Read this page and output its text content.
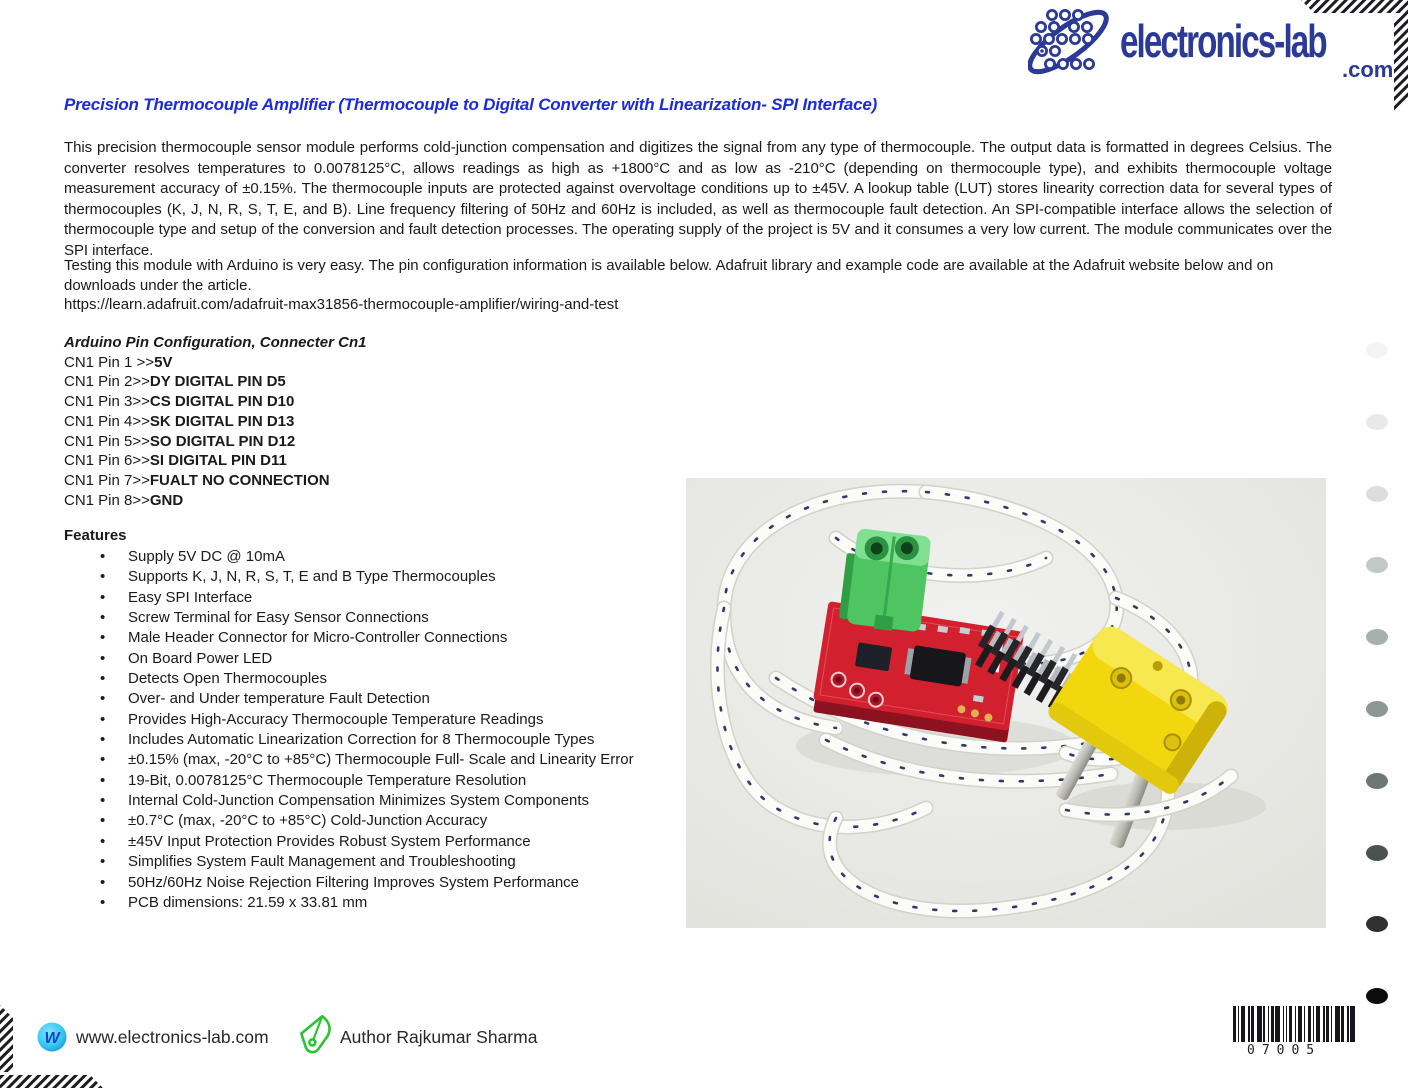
electronics-lab
.com
Precision Thermocouple Amplifier (Thermocouple to Digital Converter with Linearization- SPI Interface)
This precision thermocouple sensor module performs cold-junction compensation and digitizes the signal from any type of thermocouple. The output data is formatted in degrees Celsius. The converter resolves temperatures to 0.0078125°C, allows readings as high as +1800°C and as low as -210°C (depending on thermocouple type), and exhibits thermocouple voltage measurement accuracy of ±0.15%. The thermocouple inputs are protected against overvoltage conditions up to ±45V. A lookup table (LUT) stores linearity correction data for several types of thermocouples (K, J, N, R, S, T, E, and B). Line frequency filtering of 50Hz and 60Hz is included, as well as thermocouple fault detection. An SPI-compatible interface allows the selection of thermocouple type and setup of the conversion and fault detection processes. The operating supply of the project is 5V and it consumes a very low current. The module communicates over the SPI interface.
Testing this module with Arduino is very easy. The pin configuration information is available below. Adafruit library and example code are available at the Adafruit website below and on downloads under the article.
https://learn.adafruit.com/adafruit-max31856-thermocouple-amplifier/wiring-and-test
Arduino Pin Configuration, Connecter Cn1
CN1 Pin 1 >>5V
CN1 Pin 2>>DY DIGITAL PIN D5
CN1 Pin 3>>CS DIGITAL PIN D10
CN1 Pin 4>>SK DIGITAL PIN D13
CN1 Pin 5>>SO DIGITAL PIN D12
CN1 Pin 6>>SI DIGITAL PIN D11
CN1 Pin 7>>FUALT NO CONNECTION
CN1 Pin 8>>GND
Features
• Supply 5V DC @ 10mA
• Supports K, J, N, R, S, T, E and B Type Thermocouples
• Easy SPI Interface
• Screw Terminal for Easy Sensor Connections
• Male Header Connector for Micro-Controller Connections
• On Board Power LED
• Detects Open Thermocouples
• Over- and Under temperature Fault Detection
• Provides High-Accuracy Thermocouple Temperature Readings
• Includes Automatic Linearization Correction for 8 Thermocouple Types
• ±0.15% (max, -20°C to +85°C) Thermocouple Full- Scale and Linearity Error
• 19-Bit, 0.0078125°C Thermocouple Temperature Resolution
• Internal Cold-Junction Compensation Minimizes System Components
• ±0.7°C (max, -20°C to +85°C) Cold-Junction Accuracy
• ±45V Input Protection Provides Robust System Performance
• Simplifies System Fault Management and Troubleshooting
• 50Hz/60Hz Noise Rejection Filtering Improves System Performance
• PCB dimensions: 21.59 x 33.81 mm
W www.electronics-lab.com	Author Rajkumar Sharma
07005
